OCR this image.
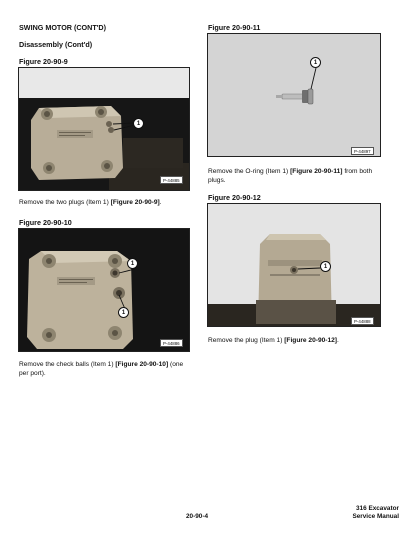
SWING MOTOR (CONT'D)
Disassembly (Cont'd)
Figure 20-90-9
1
P-44885
Remove the two plugs (Item 1) [Figure 20-90-9].
Figure 20-90-10
1
1
P-44886
Remove the check balls (Item 1) [Figure 20-90-10] (one per port).
Figure 20-90-11
1
P-44897
Remove the O-ring (Item 1) [Figure 20-90-11] from both plugs.
Figure 20-90-12
1
P-44888
Remove the plug (Item 1) [Figure 20-90-12].
20-90-4
316 Excavator
Service Manual
